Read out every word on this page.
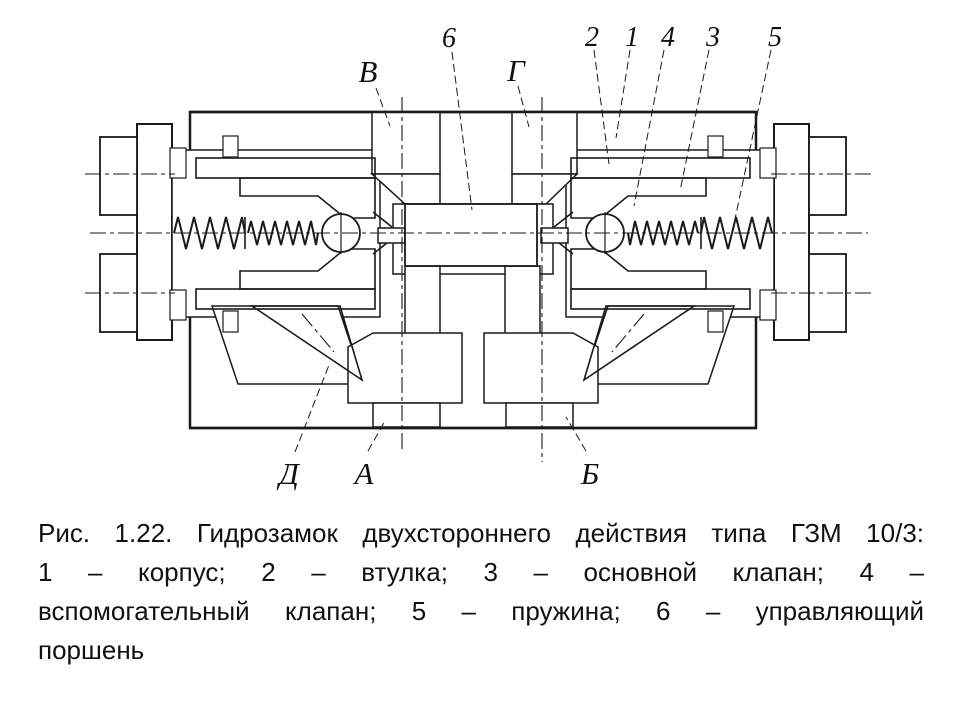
В
6
Г
2 1 4 3 5
Д А	Б
Рис. 1.22. Гидрозамок двухстороннего действия типа ГЗМ 10/3:
1 – корпус; 2 – втулка; 3 – основной клапан; 4 –
вспомогательный клапан; 5 – пружина; 6 – управляющий
поршень
